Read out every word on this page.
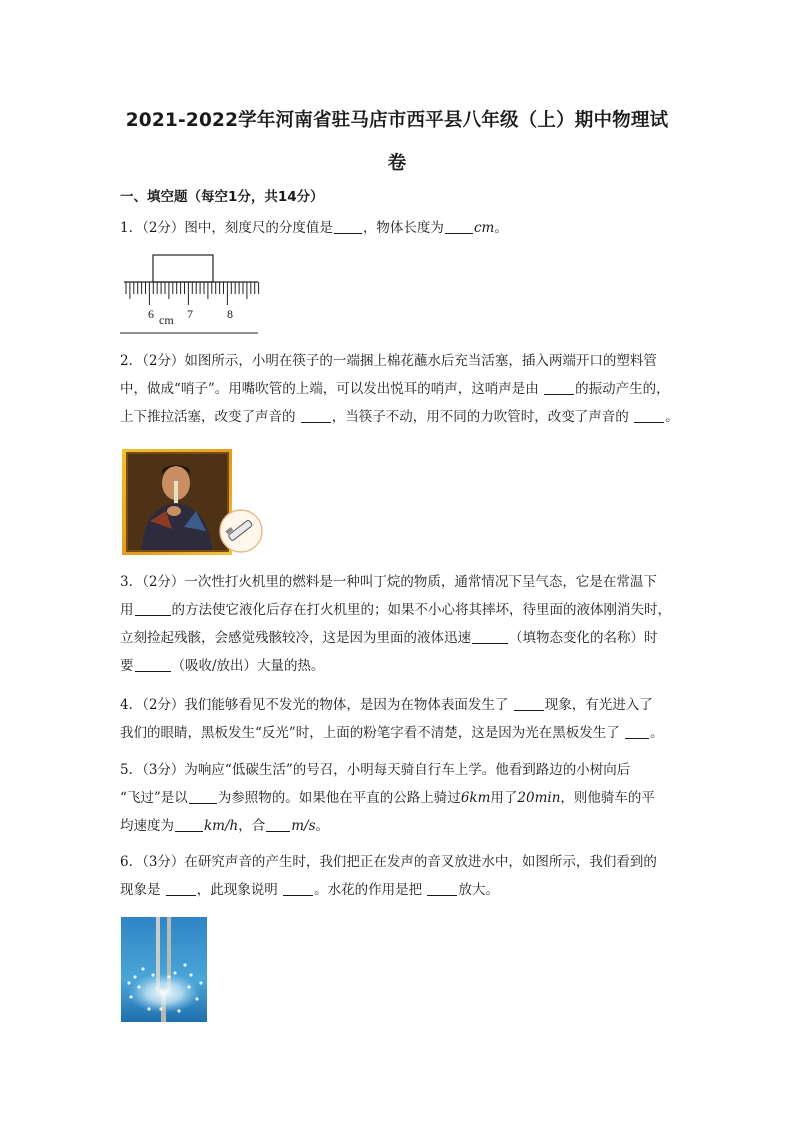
2021-2022学年河南省驻马店市西平县八年级（上）期中物理试
卷
一、填空题（每空1分，共14分）
1．（2分）图中，刻度尺的分度值是 ，物体长度为 cm。
6 cm 7	8
2．（2分）如图所示，小明在筷子的一端捆上棉花蘸水后充当活塞，插入两端开口的塑料管
中，做成“哨子”。用嘴吹管的上端，可以发出悦耳的哨声，这哨声是由	的振动产生的，
上下推拉活塞，改变了声音的	，当筷子不动，用不同的力吹管时，改变了声音的	。
3．（2分）一次性打火机里的燃料是一种叫丁烷的物质，通常情况下呈气态，它是在常温下
用	的方法使它液化后存在打火机里的；如果不小心将其摔坏，待里面的液体刚消失时，
立刻捡起残骸，会感觉残骸较冷，这是因为里面的液体迅速	（填物态变化的名称）时
要	（吸收/放出）大量的热。
4．（2分）我们能够看见不发光的物体，是因为在物体表面发生了	现象，有光进入了
我们的眼睛，黑板发生“反光”时，上面的粉笔字看不清楚，这是因为光在黑板发生了 。
5．（3分）为响应“低碳生活”的号召，小明每天骑自行车上学。他看到路边的小树向后
“飞过”是以 为参照物的。如果他在平直的公路上骑过6km用了20min，则他骑车的平
均速度为 km/h，合 m/s。
6．（3分）在研究声音的产生时，我们把正在发声的音叉放进水中，如图所示，我们看到的
现象是	，此现象说明	。水花的作用是把	放大。
